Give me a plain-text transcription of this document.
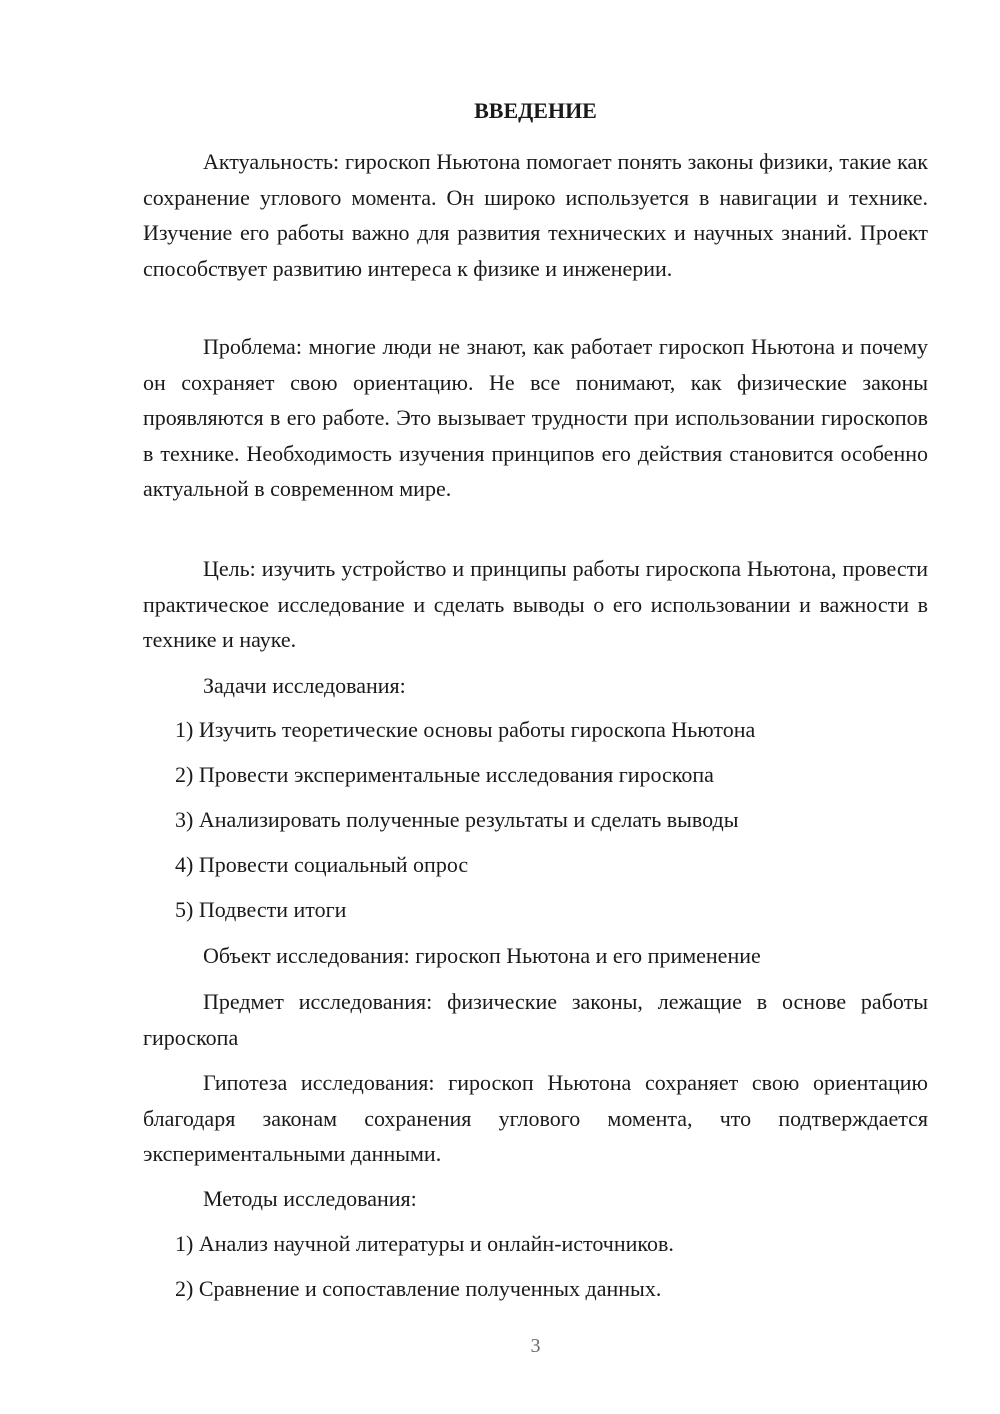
ВВЕДЕНИЕ

Актуальность: гироскоп Ньютона помогает понять законы физики, такие как сохранение углового момента. Он широко используется в навигации и технике. Изучение его работы важно для развития технических и научных знаний. Проект способствует развитию интереса к физике и инженерии.

Проблема: многие люди не знают, как работает гироскоп Ньютона и почему он сохраняет свою ориентацию. Не все понимают, как физические законы проявляются в его работе. Это вызывает трудности при использовании гироскопов в технике. Необходимость изучения принципов его действия становится особенно актуальной в современном мире.

Цель: изучить устройство и принципы работы гироскопа Ньютона, провести практическое исследование и сделать выводы о его использовании и важности в технике и науке.

Задачи исследования:

1) Изучить теоретические основы работы гироскопа Ньютона

2) Провести экспериментальные исследования гироскопа

3) Анализировать полученные результаты и сделать выводы

4) Провести социальный опрос

5) Подвести итоги

Объект исследования: гироскоп Ньютона и его применение

Предмет исследования: физические законы, лежащие в основе работы гироскопа

Гипотеза исследования: гироскоп Ньютона сохраняет свою ориентацию благодаря законам сохранения углового момента, что подтверждается экспериментальными данными.

Методы исследования:

1) Анализ научной литературы и онлайн-источников.

2) Сравнение и сопоставление полученных данных.

3
